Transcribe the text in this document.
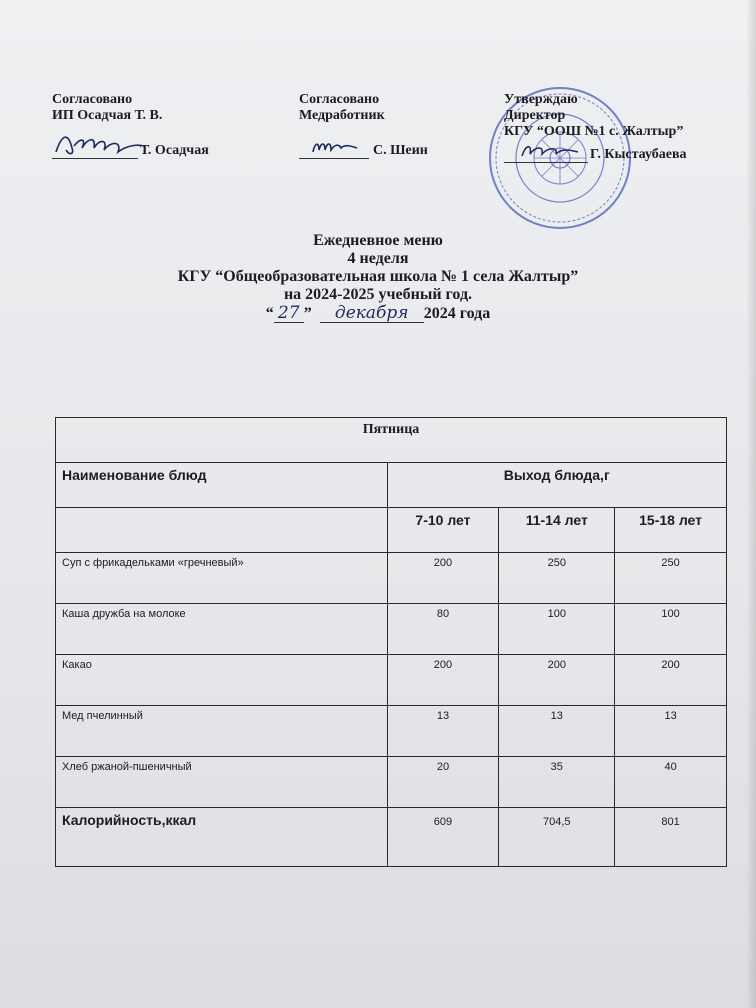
Согласовано
ИП Осадчая Т. В.
Т. Осадчая
Согласовано
Медработник
С. Шеин
Утверждаю
Директор
КГУ “ООШ №1 с. Жалтыр”
Г. Кыстаубаева
Ежедневное меню
4 неделя
КГУ “Общеобразовательная школа № 1 села Жалтыр”
на 2024-2025 учебный год.
“ 27 ”	декабря 2024 года
Пятница			
Наименование блюд	Выход блюда,г		
	7-10 лет	11-14 лет	15-18 лет
Суп с фрикадельками «гречневый»	200	250	250
Каша дружба на молоке	80	100	100
Какао	200	200	200
Мед пчелинный	13	13	13
Хлеб ржаной-пшеничный	20	35	40
Калорийность,ккал	609	704,5	801
